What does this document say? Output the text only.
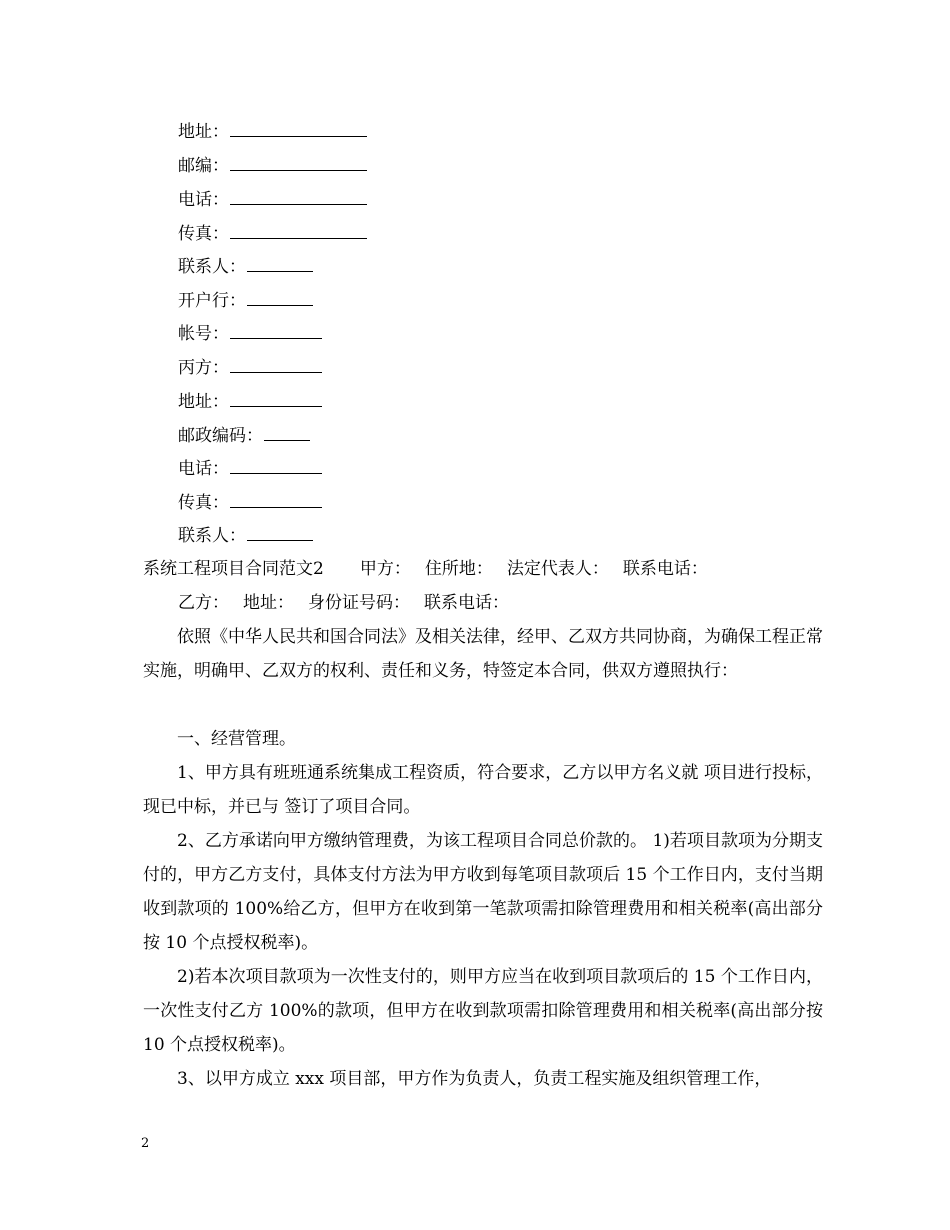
地址：
邮编：
电话：
传真：
联系人：
开户行：
帐号：
丙方：
地址：
邮政编码：
电话：
传真：
联系人：
系统工程项目合同范文2 甲方： 住所地： 法定代表人： 联系电话：
乙方： 地址： 身份证号码： 联系电话：

依照《中华人民共和国合同法》及相关法律，经甲、乙双方共同协商，为确保工程正常实施，明确甲、乙双方的权利、责任和义务，特签定本合同，供双方遵照执行：

一、经营管理。

1、甲方具有班班通系统集成工程资质，符合要求，乙方以甲方名义就 项目进行投标，现已中标，并已与 签订了项目合同。

2、乙方承诺向甲方缴纳管理费，为该工程项目合同总价款的。 1)若项目款项为分期支付的，甲方乙方支付，具体支付方法为甲方收到每笔项目款项后 15 个工作日内，支付当期收到款项的 100%给乙方，但甲方在收到第一笔款项需扣除管理费用和相关税率(高出部分按 10 个点授权税率)。

2)若本次项目款项为一次性支付的，则甲方应当在收到项目款项后的 15 个工作日内，一次性支付乙方 100%的款项，但甲方在收到款项需扣除管理费用和相关税率(高出部分按 10 个点授权税率)。

3、以甲方成立 xxx 项目部，甲方作为负责人，负责工程实施及组织管理工作，

2
